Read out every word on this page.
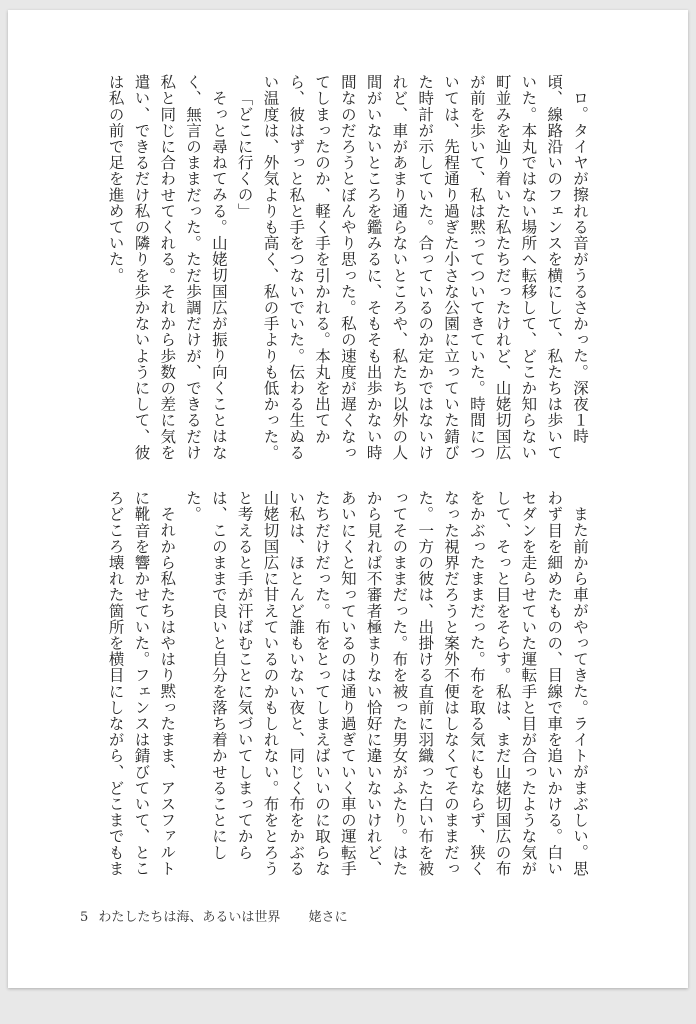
ロ。タイヤが擦れる音がうるさかった。深夜１時頃、線路沿いのフェンスを横にして、私たちは歩いていた。本丸ではない場所へ転移して、どこか知らない町並みを辿り着いた私たちだったけれど、山姥切国広が前を歩いて、私は黙ってついてきていた。時間については、先程通り過ぎた小さな公園に立っていた錆びた時計が示していた。合っているのか定かではないけれど、車があまり通らないところや、私たち以外の人間がいないところを鑑みるに、そもそも出歩かない時間なのだろうとぼんやり思った。私の速度が遅くなってしまったのか、軽く手を引かれる。本丸を出てから、彼はずっと私と手をつないでいた。伝わる生ぬるい温度は、外気よりも高く、私の手よりも低かった。

「どこに行くの」

そっと尋ねてみる。山姥切国広が振り向くことはなく、無言のままだった。ただ歩調だけが、できるだけ私と同じに合わせてくれる。それから歩数の差に気を遣い、できるだけ私の隣りを歩かないようにして、彼は私の前で足を進めていた。

また前から車がやってきた。ライトがまぶしい。思わず目を細めたものの、目線で車を追いかける。白いセダンを走らせていた運転手と目が合ったような気がして、そっと目をそらす。私は、まだ山姥切国広の布をかぶったままだった。布を取る気にもならず、狭くなった視界だろうと案外不便はしなくてそのままだった。一方の彼は、出掛ける直前に羽織った白い布を被ってそのままだった。布を被った男女がふたり。はたから見れば不審者極まりない恰好に違いないけれど、あいにくと知っているのは通り過ぎていく車の運転手たちだけだった。布をとってしまえばいいのに取らない私は、ほとんど誰もいない夜と、同じく布をかぶる山姥切国広に甘えているのかもしれない。布をとろうと考えると手が汗ばむことに気づいてしまってからは、このままで良いと自分を落ち着かせることにした。

それから私たちはやはり黙ったまま、アスファルトに靴音を響かせていた。フェンスは錆びていて、ところどころ壊れた箇所を横目にしながら、どこまでもま

5 わたしたちは海、あるいは世界 姥さに
